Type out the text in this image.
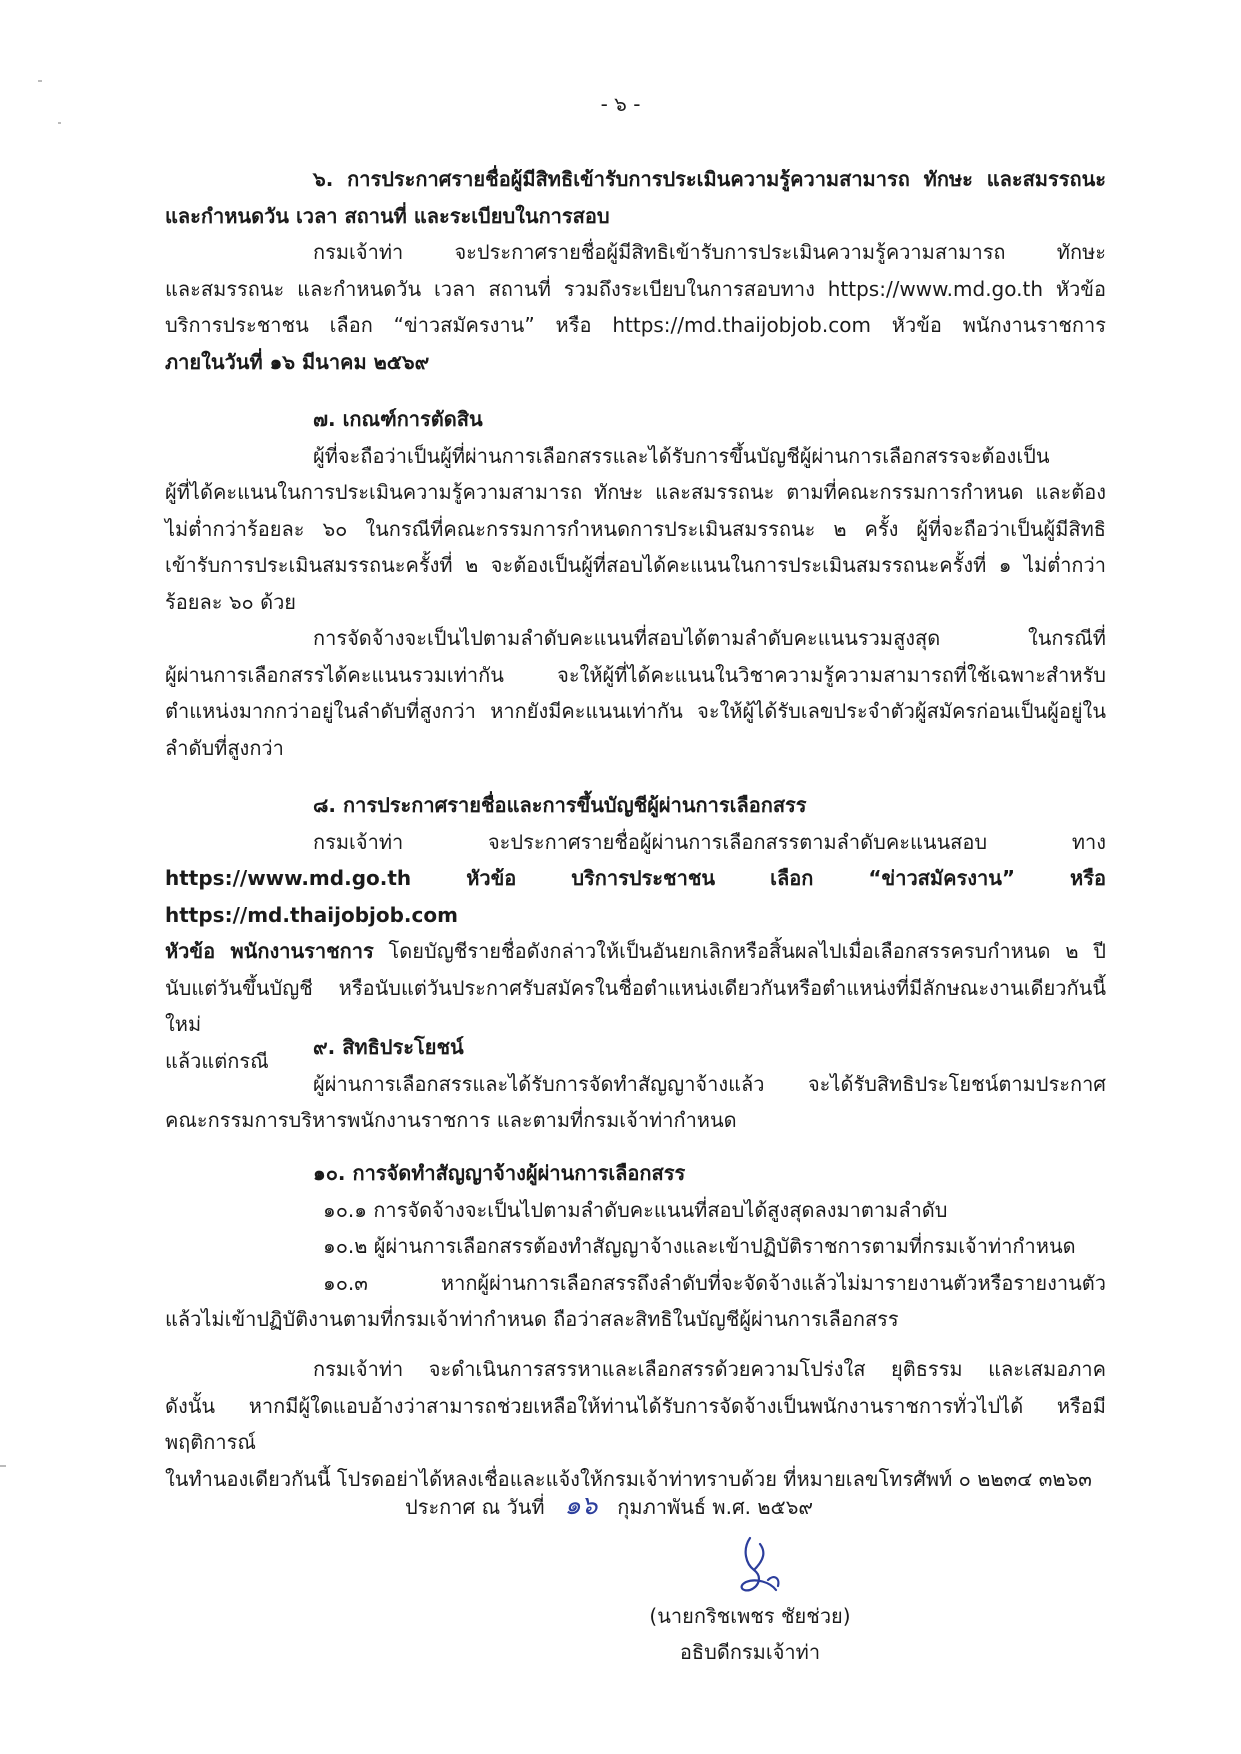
- ๖ -

๖. การประกาศรายชื่อผู้มีสิทธิเข้ารับการประเมินความรู้ความสามารถ ทักษะ และสมรรถนะ

และกำหนดวัน เวลา สถานที่ และระเบียบในการสอบ

กรมเจ้าท่า จะประกาศรายชื่อผู้มีสิทธิเข้ารับการประเมินความรู้ความสามารถ ทักษะ

และสมรรถนะ และกำหนดวัน เวลา สถานที่ รวมถึงระเบียบในการสอบทาง https://www.md.go.th หัวข้อ

บริการประชาชน เลือก “ข่าวสมัครงาน” หรือ https://md.thaijobjob.com หัวข้อ พนักงานราชการ

ภายในวันที่ ๑๖ มีนาคม ๒๕๖๙

๗. เกณฑ์การตัดสิน

ผู้ที่จะถือว่าเป็นผู้ที่ผ่านการเลือกสรรและได้รับการขึ้นบัญชีผู้ผ่านการเลือกสรรจะต้องเป็น

ผู้ที่ได้คะแนนในการประเมินความรู้ความสามารถ ทักษะ และสมรรถนะ ตามที่คณะกรรมการกำหนด และต้อง

ไม่ต่ำกว่าร้อยละ ๖๐ ในกรณีที่คณะกรรมการกำหนดการประเมินสมรรถนะ ๒ ครั้ง ผู้ที่จะถือว่าเป็นผู้มีสิทธิ

เข้ารับการประเมินสมรรถนะครั้งที่ ๒ จะต้องเป็นผู้ที่สอบได้คะแนนในการประเมินสมรรถนะครั้งที่ ๑ ไม่ต่ำกว่า

ร้อยละ ๖๐ ด้วย

การจัดจ้างจะเป็นไปตามลำดับคะแนนที่สอบได้ตามลำดับคะแนนรวมสูงสุด ในกรณีที่

ผู้ผ่านการเลือกสรรได้คะแนนรวมเท่ากัน จะให้ผู้ที่ได้คะแนนในวิชาความรู้ความสามารถที่ใช้เฉพาะสำหรับ

ตำแหน่งมากกว่าอยู่ในลำดับที่สูงกว่า หากยังมีคะแนนเท่ากัน จะให้ผู้ได้รับเลขประจำตัวผู้สมัครก่อนเป็นผู้อยู่ใน

ลำดับที่สูงกว่า

๘. การประกาศรายชื่อและการขึ้นบัญชีผู้ผ่านการเลือกสรร

กรมเจ้าท่า จะประกาศรายชื่อผู้ผ่านการเลือกสรรตามลำดับคะแนนสอบ ทาง

https://www.md.go.th หัวข้อ บริการประชาชน เลือก “ข่าวสมัครงาน” หรือ https://md.thaijobjob.com

หัวข้อ พนักงานราชการ โดยบัญชีรายชื่อดังกล่าวให้เป็นอันยกเลิกหรือสิ้นผลไปเมื่อเลือกสรรครบกำหนด ๒ ปี

นับแต่วันขึ้นบัญชี หรือนับแต่วันประกาศรับสมัครในชื่อตำแหน่งเดียวกันหรือตำแหน่งที่มีลักษณะงานเดียวกันนี้ใหม่

แล้วแต่กรณี

๙. สิทธิประโยชน์

ผู้ผ่านการเลือกสรรและได้รับการจัดทำสัญญาจ้างแล้ว จะได้รับสิทธิประโยชน์ตามประกาศ

คณะกรรมการบริหารพนักงานราชการ และตามที่กรมเจ้าท่ากำหนด

๑๐. การจัดทำสัญญาจ้างผู้ผ่านการเลือกสรร

๑๐.๑ การจัดจ้างจะเป็นไปตามลำดับคะแนนที่สอบได้สูงสุดลงมาตามลำดับ

๑๐.๒ ผู้ผ่านการเลือกสรรต้องทำสัญญาจ้างและเข้าปฏิบัติราชการตามที่กรมเจ้าท่ากำหนด

๑๐.๓ หากผู้ผ่านการเลือกสรรถึงลำดับที่จะจัดจ้างแล้วไม่มารายงานตัวหรือรายงานตัว

แล้วไม่เข้าปฏิบัติงานตามที่กรมเจ้าท่ากำหนด ถือว่าสละสิทธิในบัญชีผู้ผ่านการเลือกสรร

กรมเจ้าท่า จะดำเนินการสรรหาและเลือกสรรด้วยความโปร่งใส ยุติธรรม และเสมอภาค

ดังนั้น หากมีผู้ใดแอบอ้างว่าสามารถช่วยเหลือให้ท่านได้รับการจัดจ้างเป็นพนักงานราชการทั่วไปได้ หรือมีพฤติการณ์

ในทำนองเดียวกันนี้ โปรดอย่าได้หลงเชื่อและแจ้งให้กรมเจ้าท่าทราบด้วย ที่หมายเลขโทรศัพท์ ๐ ๒๒๓๔ ๓๒๖๓

ประกาศ ณ วันที่ ๑๖ กุมภาพันธ์ พ.ศ. ๒๕๖๙
(นายกริชเพชร ชัยช่วย)
อธิบดีกรมเจ้าท่า
